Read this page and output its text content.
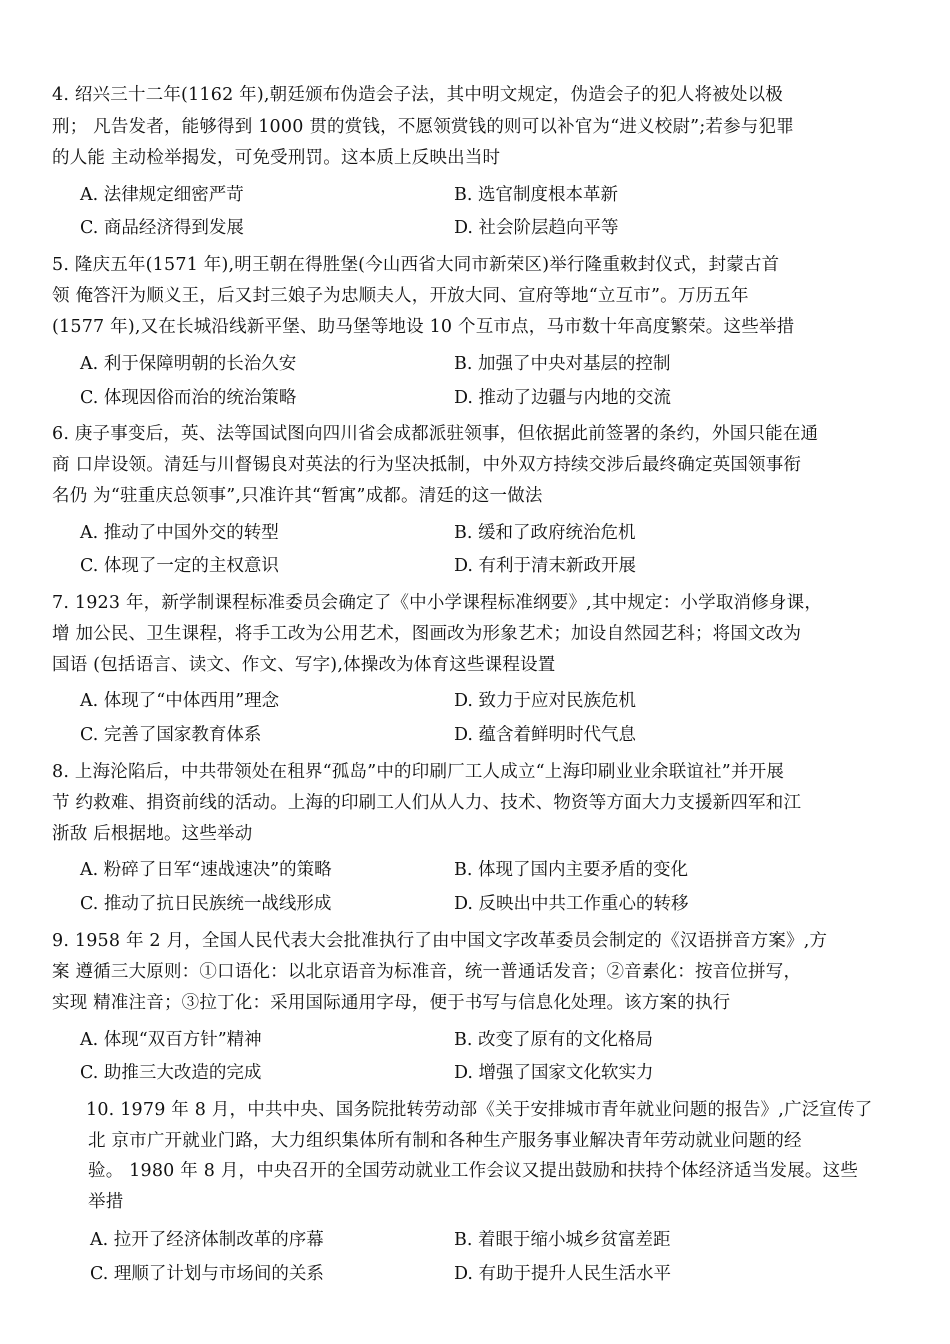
4. 绍兴三十二年(1162 年),朝廷颁布伪造会子法，其中明文规定，伪造会子的犯人将被处以极
刑； 凡告发者，能够得到 1000 贯的赏钱，不愿领赏钱的则可以补官为“进义校尉”;若参与犯罪
的人能 主动检举揭发，可免受刑罚。这本质上反映出当时
A. 法律规定细密严苛	B. 选官制度根本革新
C. 商品经济得到发展	D. 社会阶层趋向平等
5. 隆庆五年(1571 年),明王朝在得胜堡(今山西省大同市新荣区)举行隆重敕封仪式，封蒙古首
领 俺答汗为顺义王，后又封三娘子为忠顺夫人，开放大同、宣府等地“立互市”。万历五年
(1577 年),又在长城沿线新平堡、助马堡等地设 10 个互市点，马市数十年高度繁荣。这些举措
A. 利于保障明朝的长治久安	B. 加强了中央对基层的控制
C. 体现因俗而治的统治策略	D. 推动了边疆与内地的交流
6. 庚子事变后，英、法等国试图向四川省会成都派驻领事，但依据此前签署的条约，外国只能在通
商 口岸设领。清廷与川督锡良对英法的行为坚决抵制，中外双方持续交涉后最终确定英国领事衔
名仍 为“驻重庆总领事”,只准许其“暂寓”成都。清廷的这一做法
A. 推动了中国外交的转型	B. 缓和了政府统治危机
C. 体现了一定的主权意识	D. 有利于清末新政开展
7. 1923 年，新学制课程标准委员会确定了《中小学课程标准纲要》,其中规定：小学取消修身课，
增 加公民、卫生课程，将手工改为公用艺术，图画改为形象艺术；加设自然园艺科；将国文改为
国语 (包括语言、读文、作文、写字),体操改为体育这些课程设置
A. 体现了“中体西用”理念	D. 致力于应对民族危机
C. 完善了国家教育体系	D. 蕴含着鲜明时代气息
8. 上海沦陷后，中共带领处在租界“孤岛”中的印刷厂工人成立“上海印刷业业余联谊社”并开展
节 约救难、捐资前线的活动。上海的印刷工人们从人力、技术、物资等方面大力支援新四军和江
浙敌 后根据地。这些举动
A. 粉碎了日军“速战速决”的策略	B. 体现了国内主要矛盾的变化
C. 推动了抗日民族统一战线形成	D. 反映出中共工作重心的转移
9. 1958 年 2 月，全国人民代表大会批准执行了由中国文字改革委员会制定的《汉语拼音方案》,方
案 遵循三大原则：①口语化：以北京语音为标准音，统一普通话发音；②音素化：按音位拼写，
实现 精准注音；③拉丁化：采用国际通用字母，便于书写与信息化处理。该方案的执行
A. 体现“双百方针”精神	B. 改变了原有的文化格局
C. 助推三大改造的完成	D. 增强了国家文化软实力
10. 1979 年 8 月，中共中央、国务院批转劳动部《关于安排城市青年就业问题的报告》,广泛宣传了
北 京市广开就业门路，大力组织集体所有制和各种生产服务事业解决青年劳动就业问题的经
验。 1980 年 8 月，中央召开的全国劳动就业工作会议又提出鼓励和扶持个体经济适当发展。这些
举措
A. 拉开了经济体制改革的序幕	B. 着眼于缩小城乡贫富差距
C. 理顺了计划与市场间的关系	D. 有助于提升人民生活水平
